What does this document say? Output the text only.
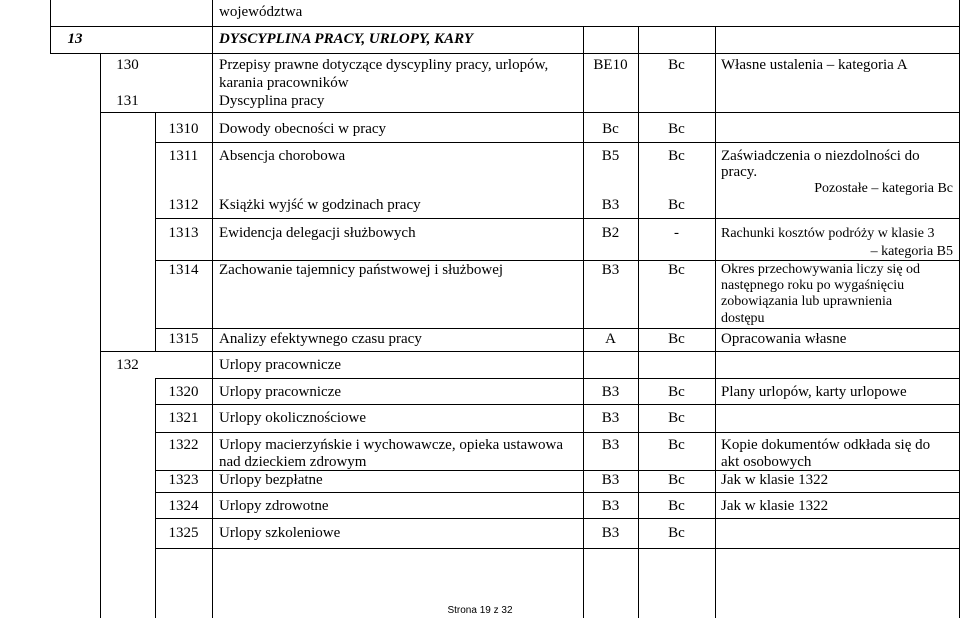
województwa
13	DYSCYPLINA PRACY, URLOPY, KARY
130	Przepisy prawne dotyczące dyscypliny pracy, urlopów,
karania pracowników
BE10	Bc	Własne ustalenia – kategoria A
131	Dyscyplina pracy
1310	Dowody obecności w pracy	Bc	Bc
1311	Absencja chorobowa	B5	Bc	Zaświadczenia o niezdolności do
pracy.
Pozostałe – kategoria Bc
1312	Książki wyjść w godzinach pracy	B3	Bc
1313	Ewidencja delegacji służbowych	B2	-	Rachunki kosztów podróży w klasie 3
– kategoria B5
1314	Zachowanie tajemnicy państwowej i służbowej	B3	Bc	Okres przechowywania liczy się od
następnego roku po wygaśnięciu
zobowiązania lub uprawnienia
dostępu
1315	Analizy efektywnego czasu pracy	A	Bc	Opracowania własne
132	Urlopy pracownicze
1320	Urlopy pracownicze	B3	Bc	Plany urlopów, karty urlopowe
1321	Urlopy okolicznościowe	B3	Bc
1322	Urlopy macierzyńskie i wychowawcze, opieka ustawowa
nad dzieckiem zdrowym
B3	Bc	Kopie dokumentów odkłada się do
akt osobowych
1323	Urlopy bezpłatne	B3	Bc	Jak w klasie 1322
1324	Urlopy zdrowotne	B3	Bc	Jak w klasie 1322
1325	Urlopy szkoleniowe	B3	Bc
Strona 19 z 32
